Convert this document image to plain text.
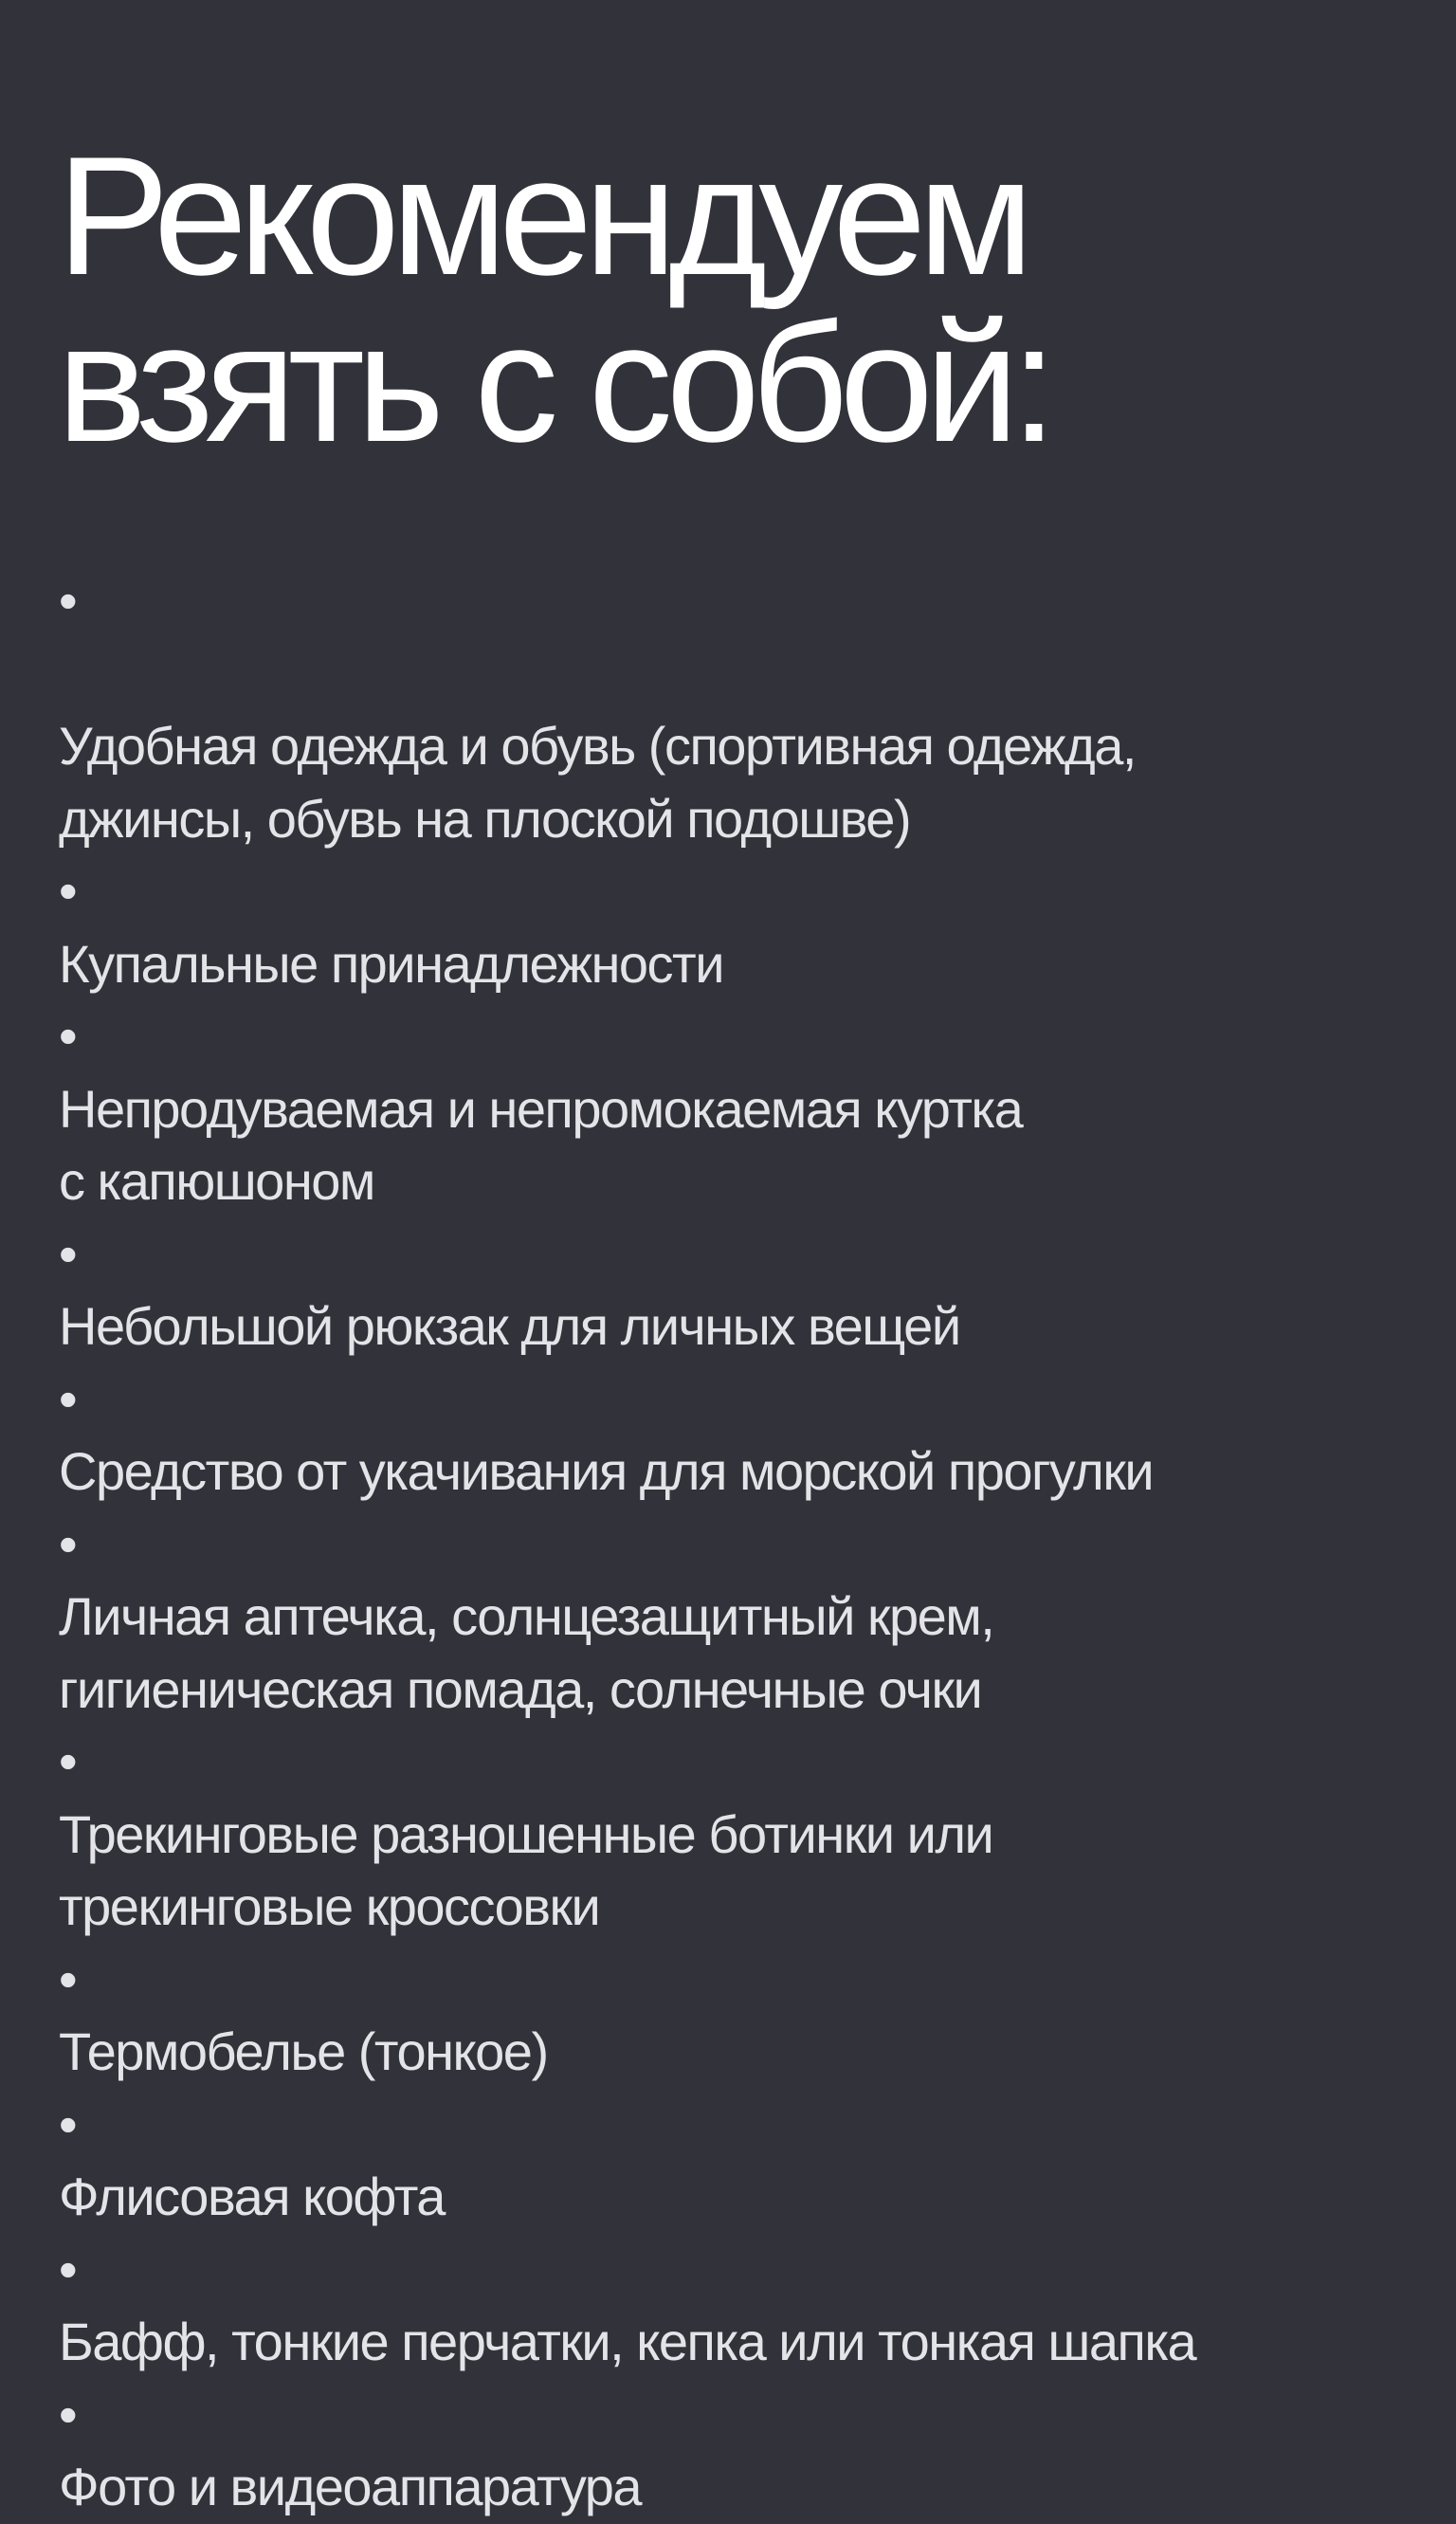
Рекомендуем
взять с собой:
•

Удобная одежда и обувь (спортивная одежда,
джинсы, обувь на плоской подошве)
•
Купальные принадлежности
•
Непродуваемая и непромокаемая куртка
с капюшоном
•
Небольшой рюкзак для личных вещей
•
Средство от укачивания для морской прогулки
•
Личная аптечка, солнцезащитный крем,
гигиеническая помада, солнечные очки
•
Трекинговые разношенные ботинки или
трекинговые кроссовки
•
Термобелье (тонкое)
•
Флисовая кофта
•
Бафф, тонкие перчатки, кепка или тонкая шапка
•
Фото и видеоаппаратура
